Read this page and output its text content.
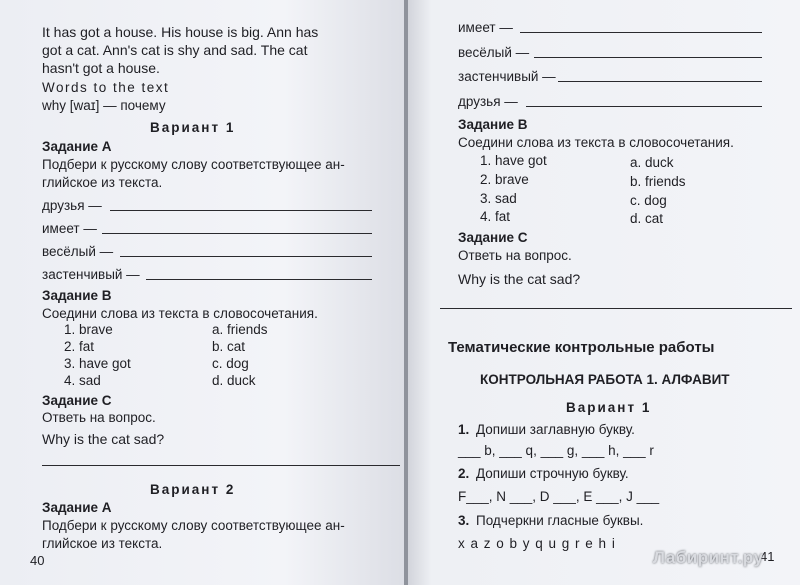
It has got a house. His house is big. Ann has
got a cat. Ann's cat is shy and sad. The cat
hasn't got a house.
Words to the text
why [waɪ] — почему
Вариант 1
Задание А
Подбери к русскому слову соответствующее ан-
глийское из текста.
друзья —
имеет —
весёлый —
застенчивый —
Задание В
Соедини слова из текста в словосочетания.
1. brave
2. fat
3. have got
4. sad
a. friends
b. cat
c. dog
d. duck
Задание С
Ответь на вопрос.
Why is the cat sad?
Вариант 2
Задание А
Подбери к русскому слову соответствующее ан-
глийское из текста.
40
имеет —
весёлый —
застенчивый —
друзья —
Задание В
Соедини слова из текста в словосочетания.
1. have got
2. brave
3. sad
4. fat
a. duck
b. friends
c. dog
d. cat
Задание С
Ответь на вопрос.
Why is the cat sad?
Тематические контрольные работы
КОНТРОЛЬНАЯ РАБОТА 1. АЛФАВИТ
Вариант 1
1. Допиши заглавную букву.
___ b, ___ q, ___ g, ___ h, ___ r
2. Допиши строчную букву.
F___, N ___, D ___, E ___, J ___
3. Подчеркни гласные буквы.
x a z o b y q u g r e h i
41
Лабиринт.ру
